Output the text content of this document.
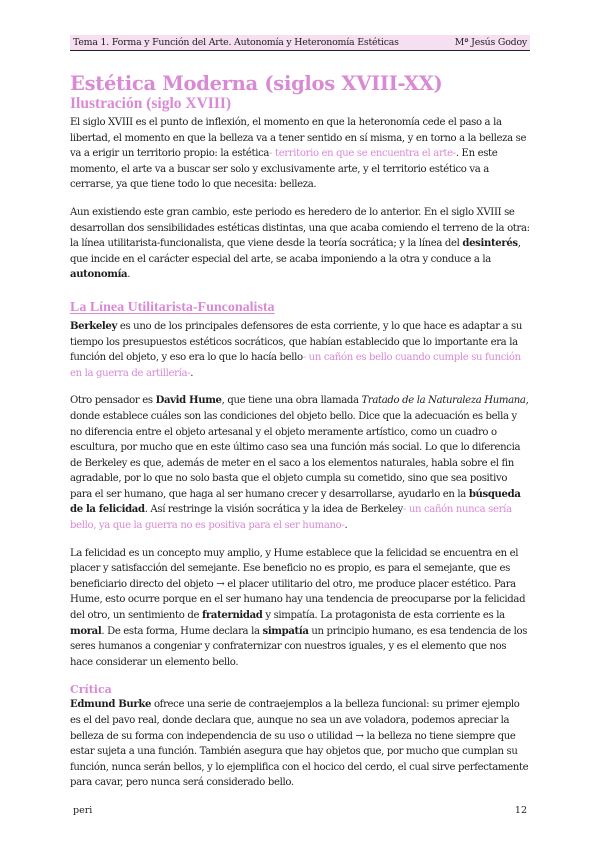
Tema 1. Forma y Función del Arte. Autonomía y Heteronomía Estéticas	Mª Jesús Godoy
Estética Moderna (siglos XVIII-XX)
Ilustración (siglo XVIII)

El siglo XVIII es el punto de inflexión, el momento en que la heteronomía cede el paso a la libertad, el momento en que la belleza va a tener sentido en sí misma, y en torno a la belleza se va a erigir un territorio propio: la estética- territorio en que se encuentra el arte-. En este momento, el arte va a buscar ser solo y exclusivamente arte, y el territorio estético va a cerrarse, ya que tiene todo lo que necesita: belleza.

Aun existiendo este gran cambio, este periodo es heredero de lo anterior. En el siglo XVIII se desarrollan dos sensibilidades estéticas distintas, una que acaba comiendo el terreno de la otra: la línea utilitarista-funcionalista, que viene desde la teoría socrática; y la línea del desinterés, que incide en el carácter especial del arte, se acaba imponiendo a la otra y conduce a la autonomía.

La Línea Utilitarista-Funconalista

Berkeley es uno de los principales defensores de esta corriente, y lo que hace es adaptar a su tiempo los presupuestos estéticos socráticos, que habían establecido que lo importante era la función del objeto, y eso era lo que lo hacía bello- un cañón es bello cuando cumple su función en la guerra de artillería-.

Otro pensador es David Hume, que tiene una obra llamada Tratado de la Naturaleza Humana, donde establece cuáles son las condiciones del objeto bello. Dice que la adecuación es bella y no diferencia entre el objeto artesanal y el objeto meramente artístico, como un cuadro o escultura, por mucho que en este último caso sea una función más social. Lo que lo diferencia de Berkeley es que, además de meter en el saco a los elementos naturales, habla sobre el fin agradable, por lo que no solo basta que el objeto cumpla su cometido, sino que sea positivo para el ser humano, que haga al ser humano crecer y desarrollarse, ayudarlo en la búsqueda de la felicidad. Así restringe la visión socrática y la idea de Berkeley- un cañón nunca sería bello, ya que la guerra no es positiva para el ser humano-.

La felicidad es un concepto muy amplio, y Hume establece que la felicidad se encuentra en el placer y satisfacción del semejante. Ese beneficio no es propio, es para el semejante, que es beneficiario directo del objeto → el placer utilitario del otro, me produce placer estético. Para Hume, esto ocurre porque en el ser humano hay una tendencia de preocuparse por la felicidad del otro, un sentimiento de fraternidad y simpatía. La protagonista de esta corriente es la moral. De esta forma, Hume declara la simpatía un principio humano, es esa tendencia de los seres humanos a congeniar y confraternizar con nuestros iguales, y es el elemento que nos hace considerar un elemento bello.

Crítica

Edmund Burke ofrece una serie de contraejemplos a la belleza funcional: su primer ejemplo es el del pavo real, donde declara que, aunque no sea un ave voladora, podemos apreciar la belleza de su forma con independencia de su uso o utilidad → la belleza no tiene siempre que estar sujeta a una función. También asegura que hay objetos que, por mucho que cumplan su función, nunca serán bellos, y lo ejemplifica con el hocico del cerdo, el cual sirve perfectamente para cavar, pero nunca será considerado bello.

peri	12
